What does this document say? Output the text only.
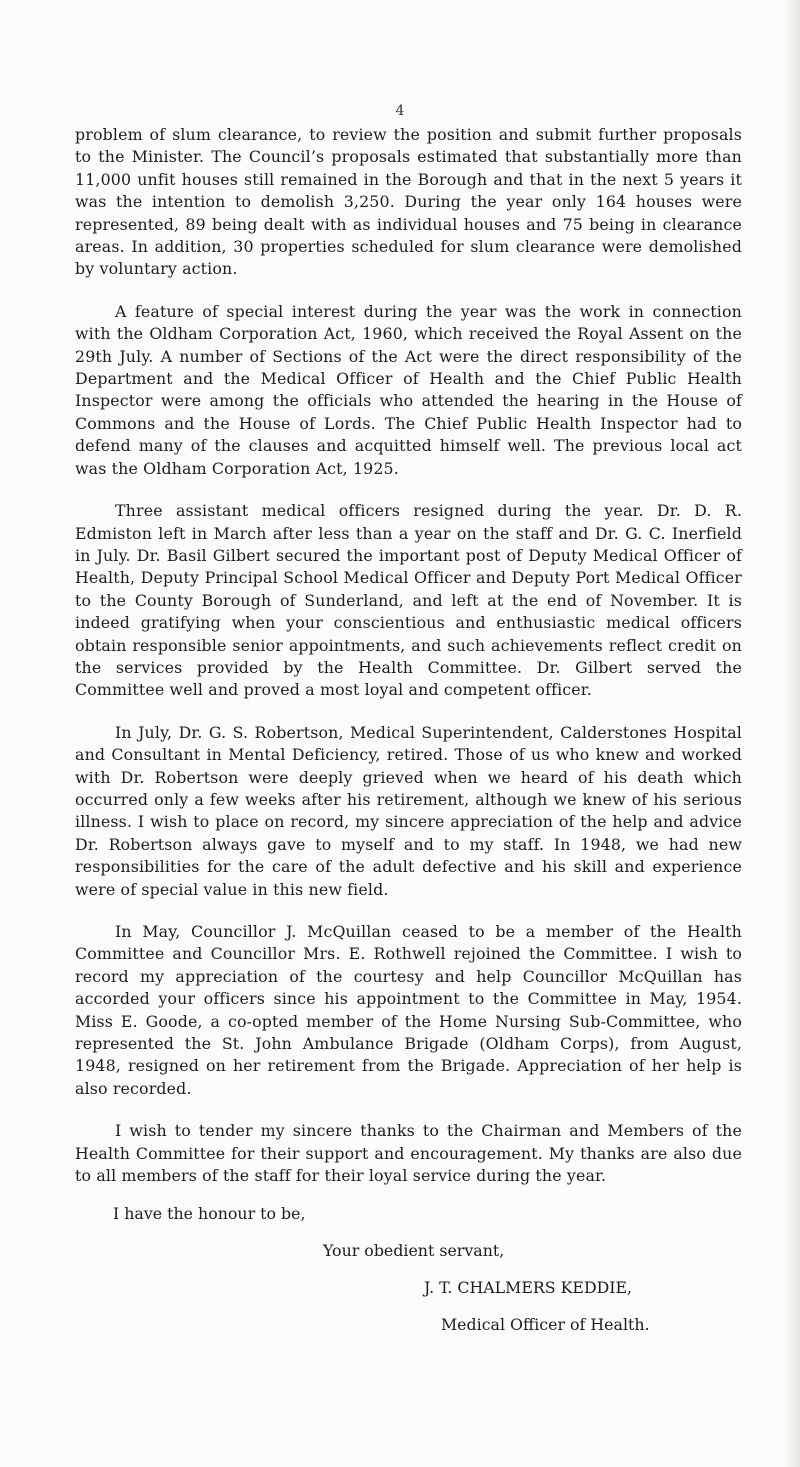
4

problem of slum clearance, to review the position and submit further proposals to the Minister. The Council’s proposals estimated that substantially more than 11,000 unfit houses still remained in the Borough and that in the next 5 years it was the intention to demolish 3,250. During the year only 164 houses were represented, 89 being dealt with as individual houses and 75 being in clearance areas. In addition, 30 properties scheduled for slum clearance were demolished by voluntary action.

A feature of special interest during the year was the work in connection with the Oldham Corporation Act, 1960, which received the Royal Assent on the 29th July. A number of Sections of the Act were the direct responsibility of the Department and the Medical Officer of Health and the Chief Public Health Inspector were among the officials who attended the hearing in the House of Commons and the House of Lords. The Chief Public Health Inspector had to defend many of the clauses and acquitted himself well. The previous local act was the Oldham Corporation Act, 1925.

Three assistant medical officers resigned during the year. Dr. D. R. Edmiston left in March after less than a year on the staff and Dr. G. C. Inerfield in July. Dr. Basil Gilbert secured the important post of Deputy Medical Officer of Health, Deputy Principal School Medical Officer and Deputy Port Medical Officer to the County Borough of Sunderland, and left at the end of November. It is indeed gratifying when your conscientious and enthusiastic medical officers obtain responsible senior appointments, and such achievements reflect credit on the services provided by the Health Committee. Dr. Gilbert served the Committee well and proved a most loyal and competent officer.

In July, Dr. G. S. Robertson, Medical Superintendent, Calderstones Hospital and Consultant in Mental Deficiency, retired. Those of us who knew and worked with Dr. Robertson were deeply grieved when we heard of his death which occurred only a few weeks after his retirement, although we knew of his serious illness. I wish to place on record, my sincere appreciation of the help and advice Dr. Robertson always gave to myself and to my staff. In 1948, we had new responsibilities for the care of the adult defective and his skill and experience were of special value in this new field.

In May, Councillor J. McQuillan ceased to be a member of the Health Committee and Councillor Mrs. E. Rothwell rejoined the Committee. I wish to record my appreciation of the courtesy and help Councillor McQuillan has accorded your officers since his appointment to the Committee in May, 1954. Miss E. Goode, a co-opted member of the Home Nursing Sub-Committee, who represented the St. John Ambulance Brigade (Oldham Corps), from August, 1948, resigned on her retirement from the Brigade. Appreciation of her help is also recorded.

I wish to tender my sincere thanks to the Chairman and Members of the Health Committee for their support and encouragement. My thanks are also due to all members of the staff for their loyal service during the year.

I have the honour to be,
Your obedient servant,
J. T. CHALMERS KEDDIE,
Medical Officer of Health.
